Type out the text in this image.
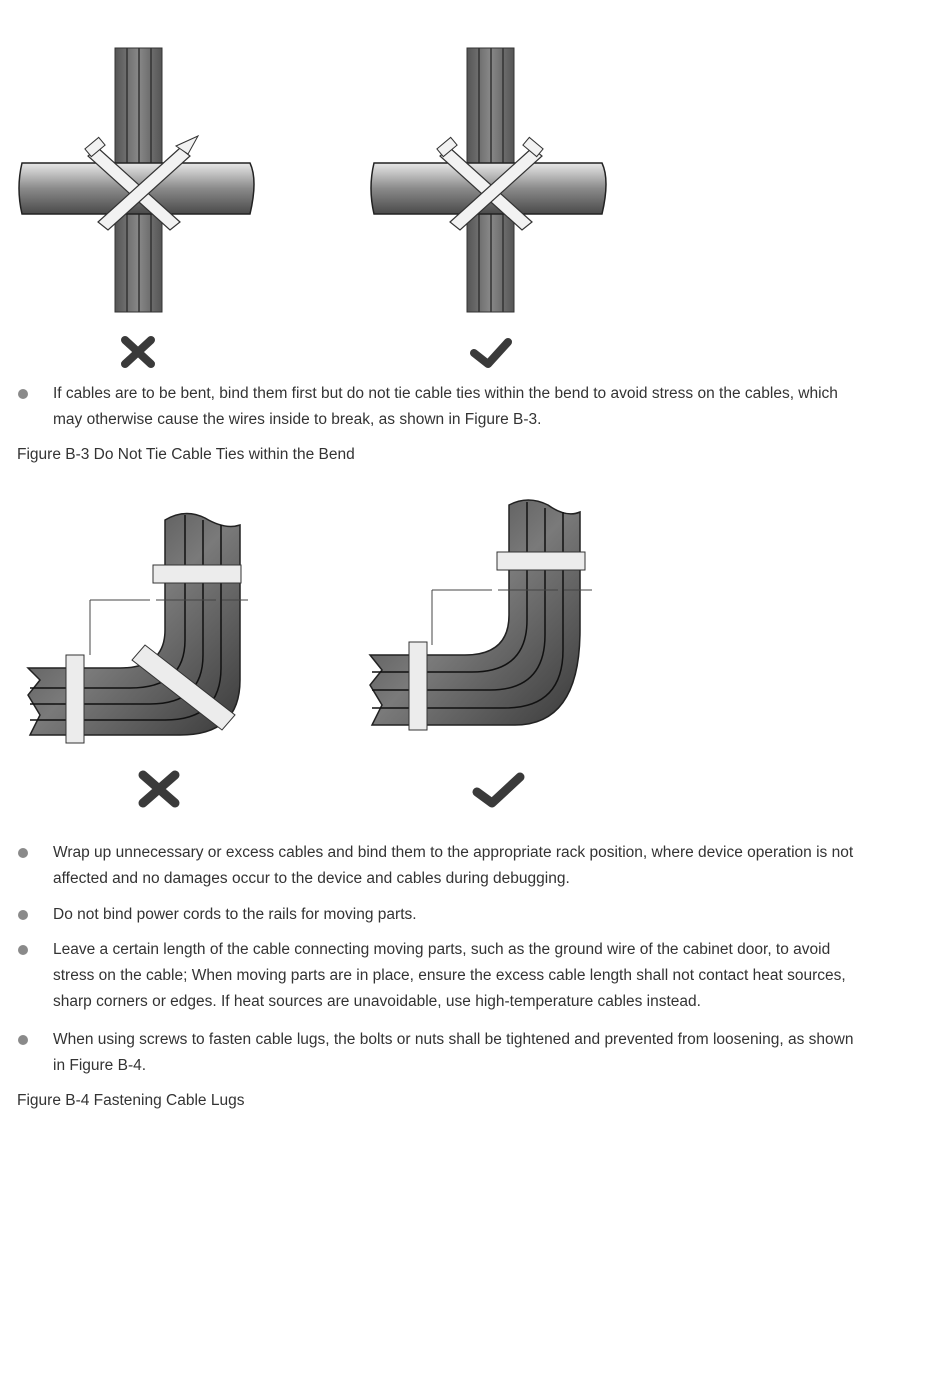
If cables are to be bent, bind them first but do not tie cable ties within the bend to avoid stress on the cables, which
may otherwise cause the wires inside to break, as shown in Figure B-3.
Figure B-3 Do Not Tie Cable Ties within the Bend
Wrap up unnecessary or excess cables and bind them to the appropriate rack position, where device operation is not
affected and no damages occur to the device and cables during debugging.
Do not bind power cords to the rails for moving parts.
Leave a certain length of the cable connecting moving parts, such as the ground wire of the cabinet door, to avoid
stress on the cable; When moving parts are in place, ensure the excess cable length shall not contact heat sources,
sharp corners or edges. If heat sources are unavoidable, use high-temperature cables instead.
When using screws to fasten cable lugs, the bolts or nuts shall be tightened and prevented from loosening, as shown
in Figure B-4.
Figure B-4 Fastening Cable Lugs
